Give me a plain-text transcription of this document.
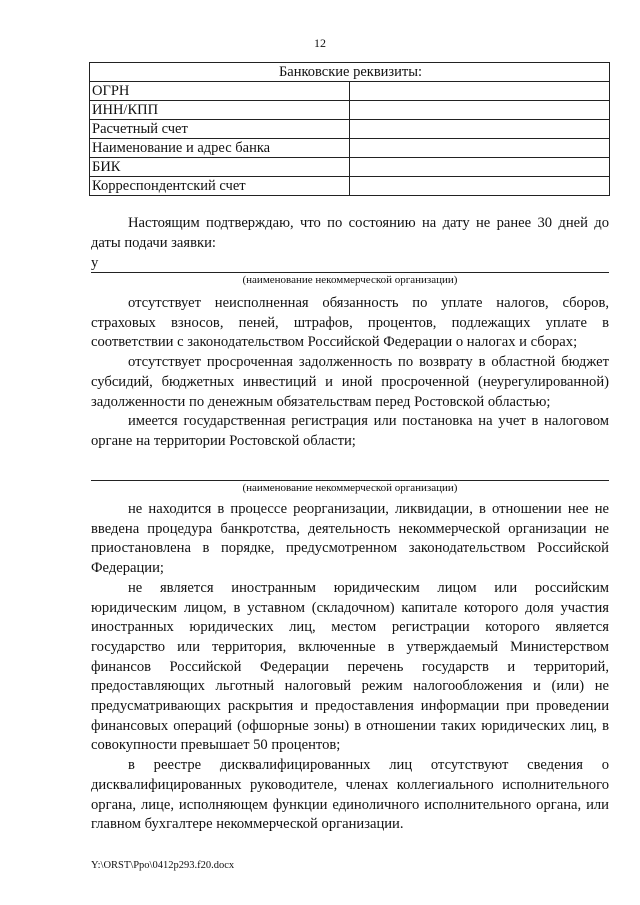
12
Банковские реквизиты:	
ОГРН	
ИНН/КПП	
Расчетный счет	
Наименование и адрес банка	
БИК	
Корреспондентский счет	

Настоящим подтверждаю, что по состоянию на дату не ранее 30 дней до даты подачи заявки:

у
(наименование некоммерческой организации)

отсутствует неисполненная обязанность по уплате налогов, сборов, страховых взносов, пеней, штрафов, процентов, подлежащих уплате в соответствии с законодательством Российской Федерации о налогах и сборах;

отсутствует просроченная задолженность по возврату в областной бюджет субсидий, бюджетных инвестиций и иной просроченной (неурегулированной) задолженности по денежным обязательствам перед Ростовской областью;

имеется государственная регистрация или постановка на учет в налоговом органе на территории Ростовской области;

(наименование некоммерческой организации)

не находится в процессе реорганизации, ликвидации, в отношении нее не введена процедура банкротства, деятельность некоммерческой организации не приостановлена в порядке, предусмотренном законодательством Российской Федерации;

не является иностранным юридическим лицом или российским юридическим лицом, в уставном (складочном) капитале которого доля участия иностранных юридических лиц, местом регистрации которого является государство или территория, включенные в утверждаемый Министерством финансов Российской Федерации перечень государств и территорий, предоставляющих льготный налоговый режим налогообложения и (или) не предусматривающих раскрытия и предоставления информации при проведении финансовых операций (офшорные зоны) в отношении таких юридических лиц, в совокупности превышает 50 процентов;

в реестре дисквалифицированных лиц отсутствуют сведения о дисквалифицированных руководителе, членах коллегиального исполнительного органа, лице, исполняющем функции единоличного исполнительного органа, или главном бухгалтере некоммерческой организации.

Y:\ORST\Ppo\0412p293.f20.docx
